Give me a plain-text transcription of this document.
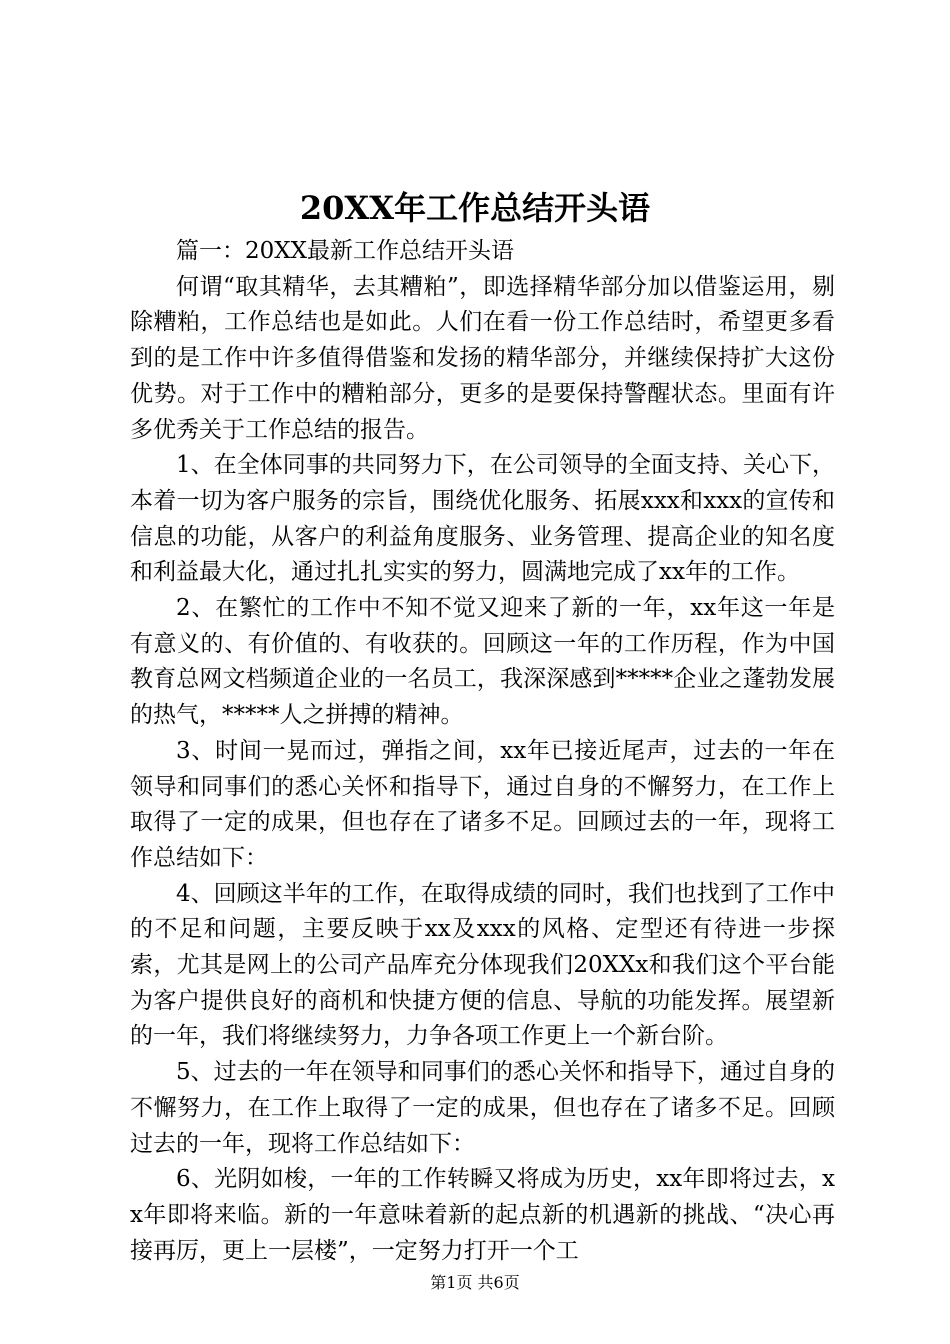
20XX年工作总结开头语

篇一：20XX最新工作总结开头语

何谓“取其精华，去其糟粕”，即选择精华部分加以借鉴运用，剔除糟粕，工作总结也是如此。人们在看一份工作总结时，希望更多看到的是工作中许多值得借鉴和发扬的精华部分，并继续保持扩大这份优势。对于工作中的糟粕部分，更多的是要保持警醒状态。里面有许多优秀关于工作总结的报告。

1、在全体同事的共同努力下，在公司领导的全面支持、关心下，本着一切为客户服务的宗旨，围绕优化服务、拓展xxx和xxx的宣传和信息的功能，从客户的利益角度服务、业务管理、提高企业的知名度和利益最大化，通过扎扎实实的努力，圆满地完成了xx年的工作。

2、在繁忙的工作中不知不觉又迎来了新的一年，xx年这一年是有意义的、有价值的、有收获的。回顾这一年的工作历程，作为中国教育总网文档频道企业的一名员工，我深深感到*****企业之蓬勃发展的热气，*****人之拼搏的精神。

3、时间一晃而过，弹指之间，xx年已接近尾声，过去的一年在领导和同事们的悉心关怀和指导下，通过自身的不懈努力，在工作上取得了一定的成果，但也存在了诸多不足。回顾过去的一年，现将工作总结如下：

4、回顾这半年的工作，在取得成绩的同时，我们也找到了工作中的不足和问题，主要反映于xx及xxx的风格、定型还有待进一步探索，尤其是网上的公司产品库充分体现我们20XXx和我们这个平台能为客户提供良好的商机和快捷方便的信息、导航的功能发挥。展望新的一年，我们将继续努力，力争各项工作更上一个新台阶。

5、过去的一年在领导和同事们的悉心关怀和指导下，通过自身的不懈努力，在工作上取得了一定的成果，但也存在了诸多不足。回顾过去的一年，现将工作总结如下：

6、光阴如梭，一年的工作转瞬又将成为历史，xx年即将过去，xx年即将来临。新的一年意味着新的起点新的机遇新的挑战、“决心再接再厉，更上一层楼”，一定努力打开一个工

第1页 共6页
